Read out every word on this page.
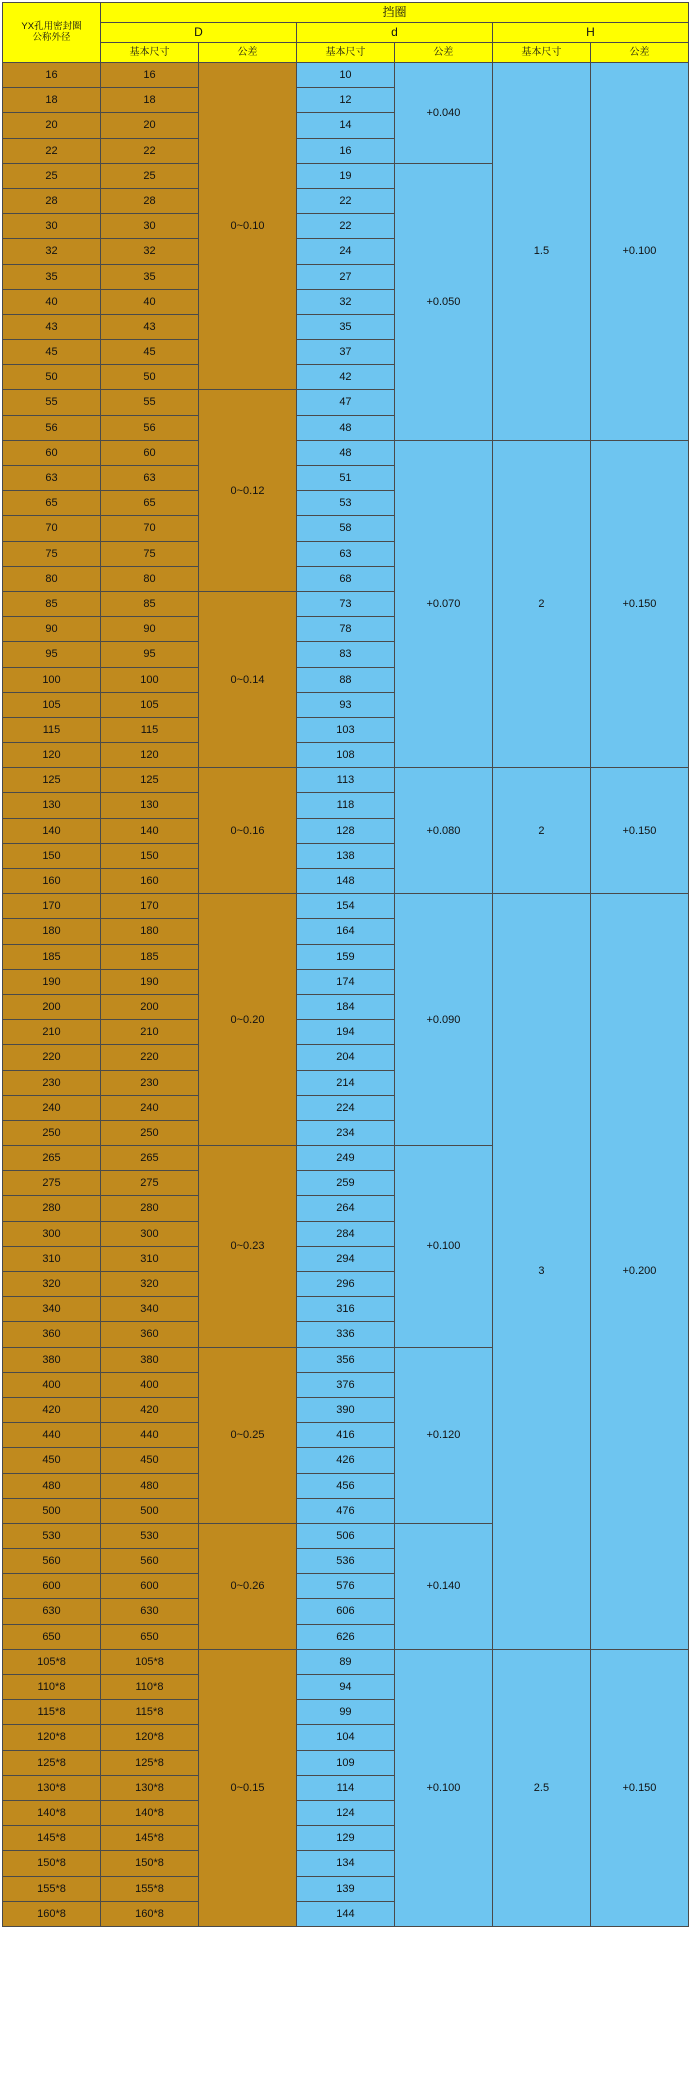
YX孔用密封圈
公称外径	挡圈					
	D		d		H	
	基本尺寸	公差	基本尺寸	公差	基本尺寸	公差
16	16	0~0.10	10	+0.040	1.5	+0.100
18	18		12			
20	20		14			
22	22		16			
25	25		19	+0.050		
28	28		22			
30	30		22			
32	32		24			
35	35		27			
40	40		32			
43	43		35			
45	45		37			
50	50		42			
55	55	0~0.12	47			
56	56		48			
60	60		48	+0.070	2	+0.150
63	63		51			
65	65		53			
70	70		58			
75	75		63			
80	80		68			
85	85	0~0.14	73			
90	90		78			
95	95		83			
100	100		88			
105	105		93			
115	115		103			
120	120		108			
125	125	0~0.16	113	+0.080	2	+0.150
130	130		118			
140	140		128			
150	150		138			
160	160		148			
170	170	0~0.20	154	+0.090	3	+0.200
180	180		164			
185	185		159			
190	190		174			
200	200		184			
210	210		194			
220	220		204			
230	230		214			
240	240		224			
250	250		234			
265	265	0~0.23	249	+0.100		
275	275		259			
280	280		264			
300	300		284			
310	310		294			
320	320		296			
340	340		316			
360	360		336			
380	380	0~0.25	356	+0.120		
400	400		376			
420	420		390			
440	440		416			
450	450		426			
480	480		456			
500	500		476			
530	530	0~0.26	506	+0.140		
560	560		536			
600	600		576			
630	630		606			
650	650		626			
105*8	105*8	0~0.15	89	+0.100	2.5	+0.150
110*8	110*8		94			
115*8	115*8		99			
120*8	120*8		104			
125*8	125*8		109			
130*8	130*8		114			
140*8	140*8		124			
145*8	145*8		129			
150*8	150*8		134			
155*8	155*8		139			
160*8	160*8		144			
